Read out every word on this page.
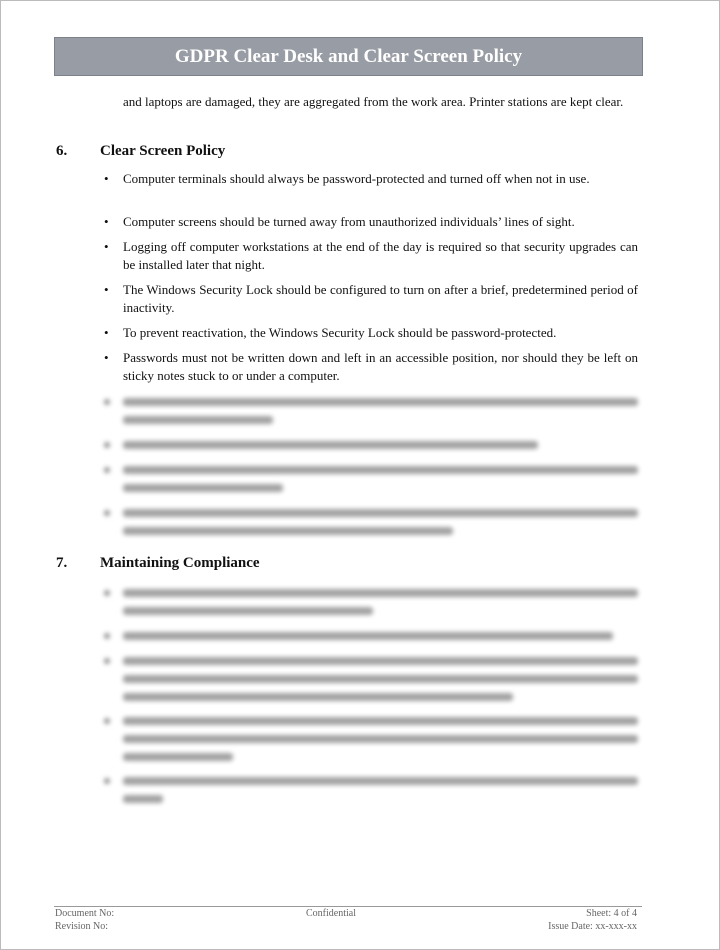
GDPR Clear Desk and Clear Screen Policy
and laptops are damaged, they are aggregated from the work area. Printer stations are kept clear.
6. Clear Screen Policy
• Computer terminals should always be password-protected and turned off when not in use.
• Computer screens should be turned away from unauthorized individuals’ lines of sight.
• Logging off computer workstations at the end of the day is required so that security upgrades can be installed later that night.
• The Windows Security Lock should be configured to turn on after a brief, predetermined period of inactivity.
• To prevent reactivation, the Windows Security Lock should be password-protected.
• Passwords must not be written down and left in an accessible position, nor should they be left on sticky notes stuck to or under a computer.
7. Maintaining Compliance
Document No:
Revision No:
Confidential	Sheet: 4 of 4
Issue Date: xx-xxx-xx
